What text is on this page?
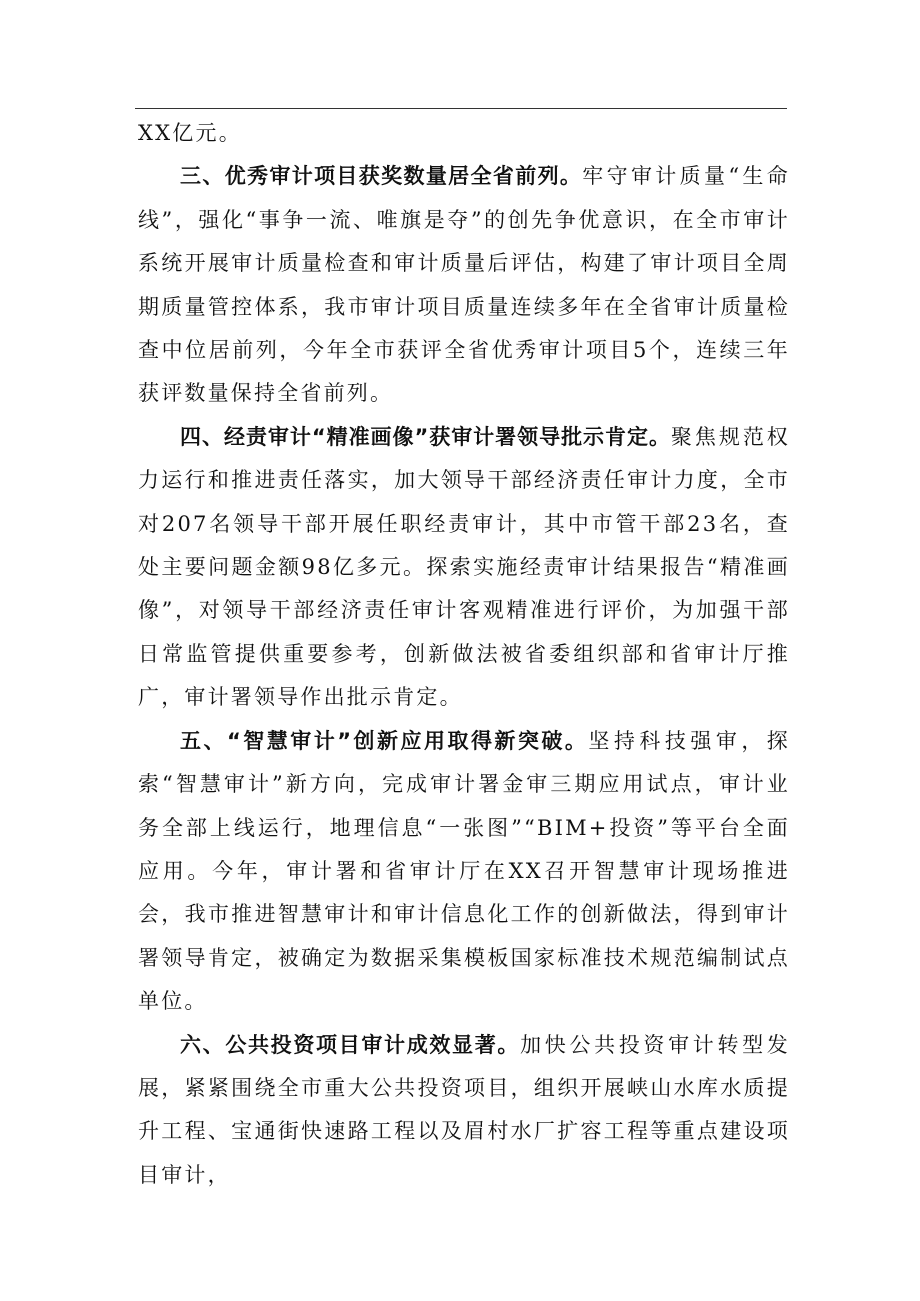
XX亿元。

三、优秀审计项目获奖数量居全省前列。牢守审计质量“生命线”，强化“事争一流、唯旗是夺”的创先争优意识，在全市审计系统开展审计质量检查和审计质量后评估，构建了审计项目全周期质量管控体系，我市审计项目质量连续多年在全省审计质量检查中位居前列，今年全市获评全省优秀审计项目5个，连续三年获评数量保持全省前列。

四、经责审计“精准画像”获审计署领导批示肯定。聚焦规范权力运行和推进责任落实，加大领导干部经济责任审计力度，全市对207名领导干部开展任职经责审计，其中市管干部23名，查处主要问题金额98亿多元。探索实施经责审计结果报告“精准画像”，对领导干部经济责任审计客观精准进行评价，为加强干部日常监管提供重要参考，创新做法被省委组织部和省审计厅推广，审计署领导作出批示肯定。

五、“智慧审计”创新应用取得新突破。坚持科技强审，探索“智慧审计”新方向，完成审计署金审三期应用试点，审计业务全部上线运行，地理信息“一张图”“BIM+投资”等平台全面应用。今年，审计署和省审计厅在XX召开智慧审计现场推进会，我市推进智慧审计和审计信息化工作的创新做法，得到审计署领导肯定，被确定为数据采集模板国家标准技术规范编制试点单位。

六、公共投资项目审计成效显著。加快公共投资审计转型发展，紧紧围绕全市重大公共投资项目，组织开展峡山水库水质提升工程、宝通街快速路工程以及眉村水厂扩容工程等重点建设项目审计，
